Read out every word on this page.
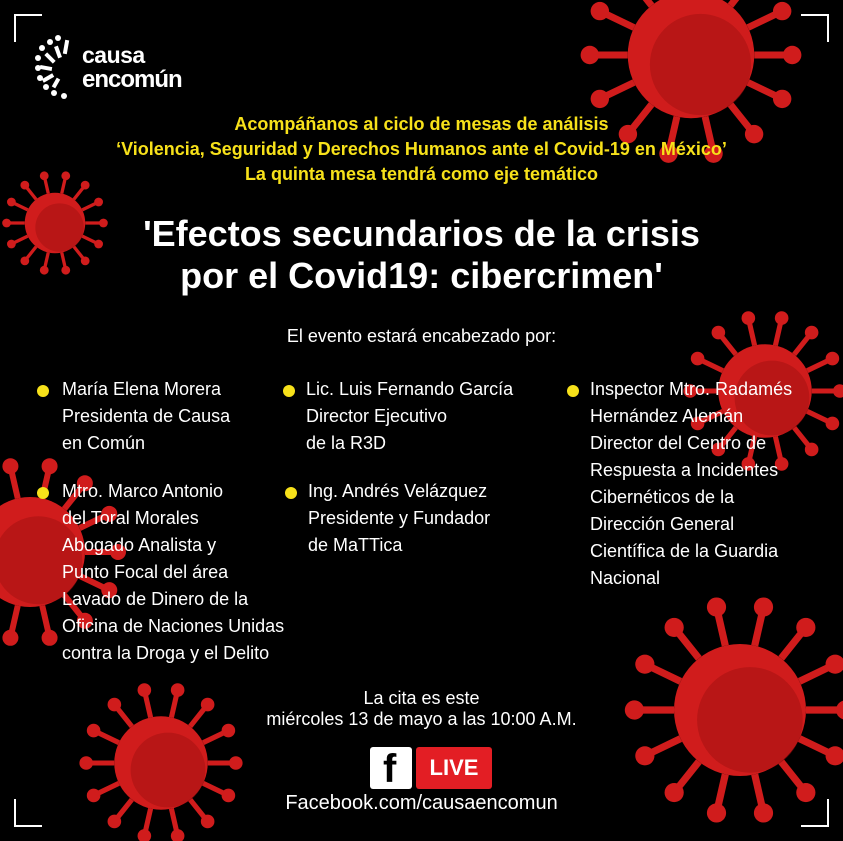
causa
encomún
Acompáñanos al ciclo de mesas de análisis
‘Violencia, Seguridad y Derechos Humanos ante el Covid-19 en México’
La quinta mesa tendrá como eje temático
'Efectos secundarios de la crisis
por el Covid19: cibercrimen'
El evento estará encabezado por:
María Elena Morera
Presidenta de Causa
en Común
Lic. Luis Fernando García
Director Ejecutivo
de la R3D
Inspector Mtro. Radamés
Hernández Alemán
Director del Centro de
Respuesta a Incidentes
Cibernéticos de la
Dirección General
Científica de la Guardia
Nacional
Mtro. Marco Antonio
del Toral Morales
Abogado Analista y
Punto Focal del área
Lavado de Dinero de la
Oficina de Naciones Unidas
contra la Droga y el Delito
Ing. Andrés Velázquez
Presidente y Fundador
de MaTTica
La cita es este
miércoles 13 de mayo a las 10:00 A.M.
f	LIVE
Facebook.com/causaencomun
